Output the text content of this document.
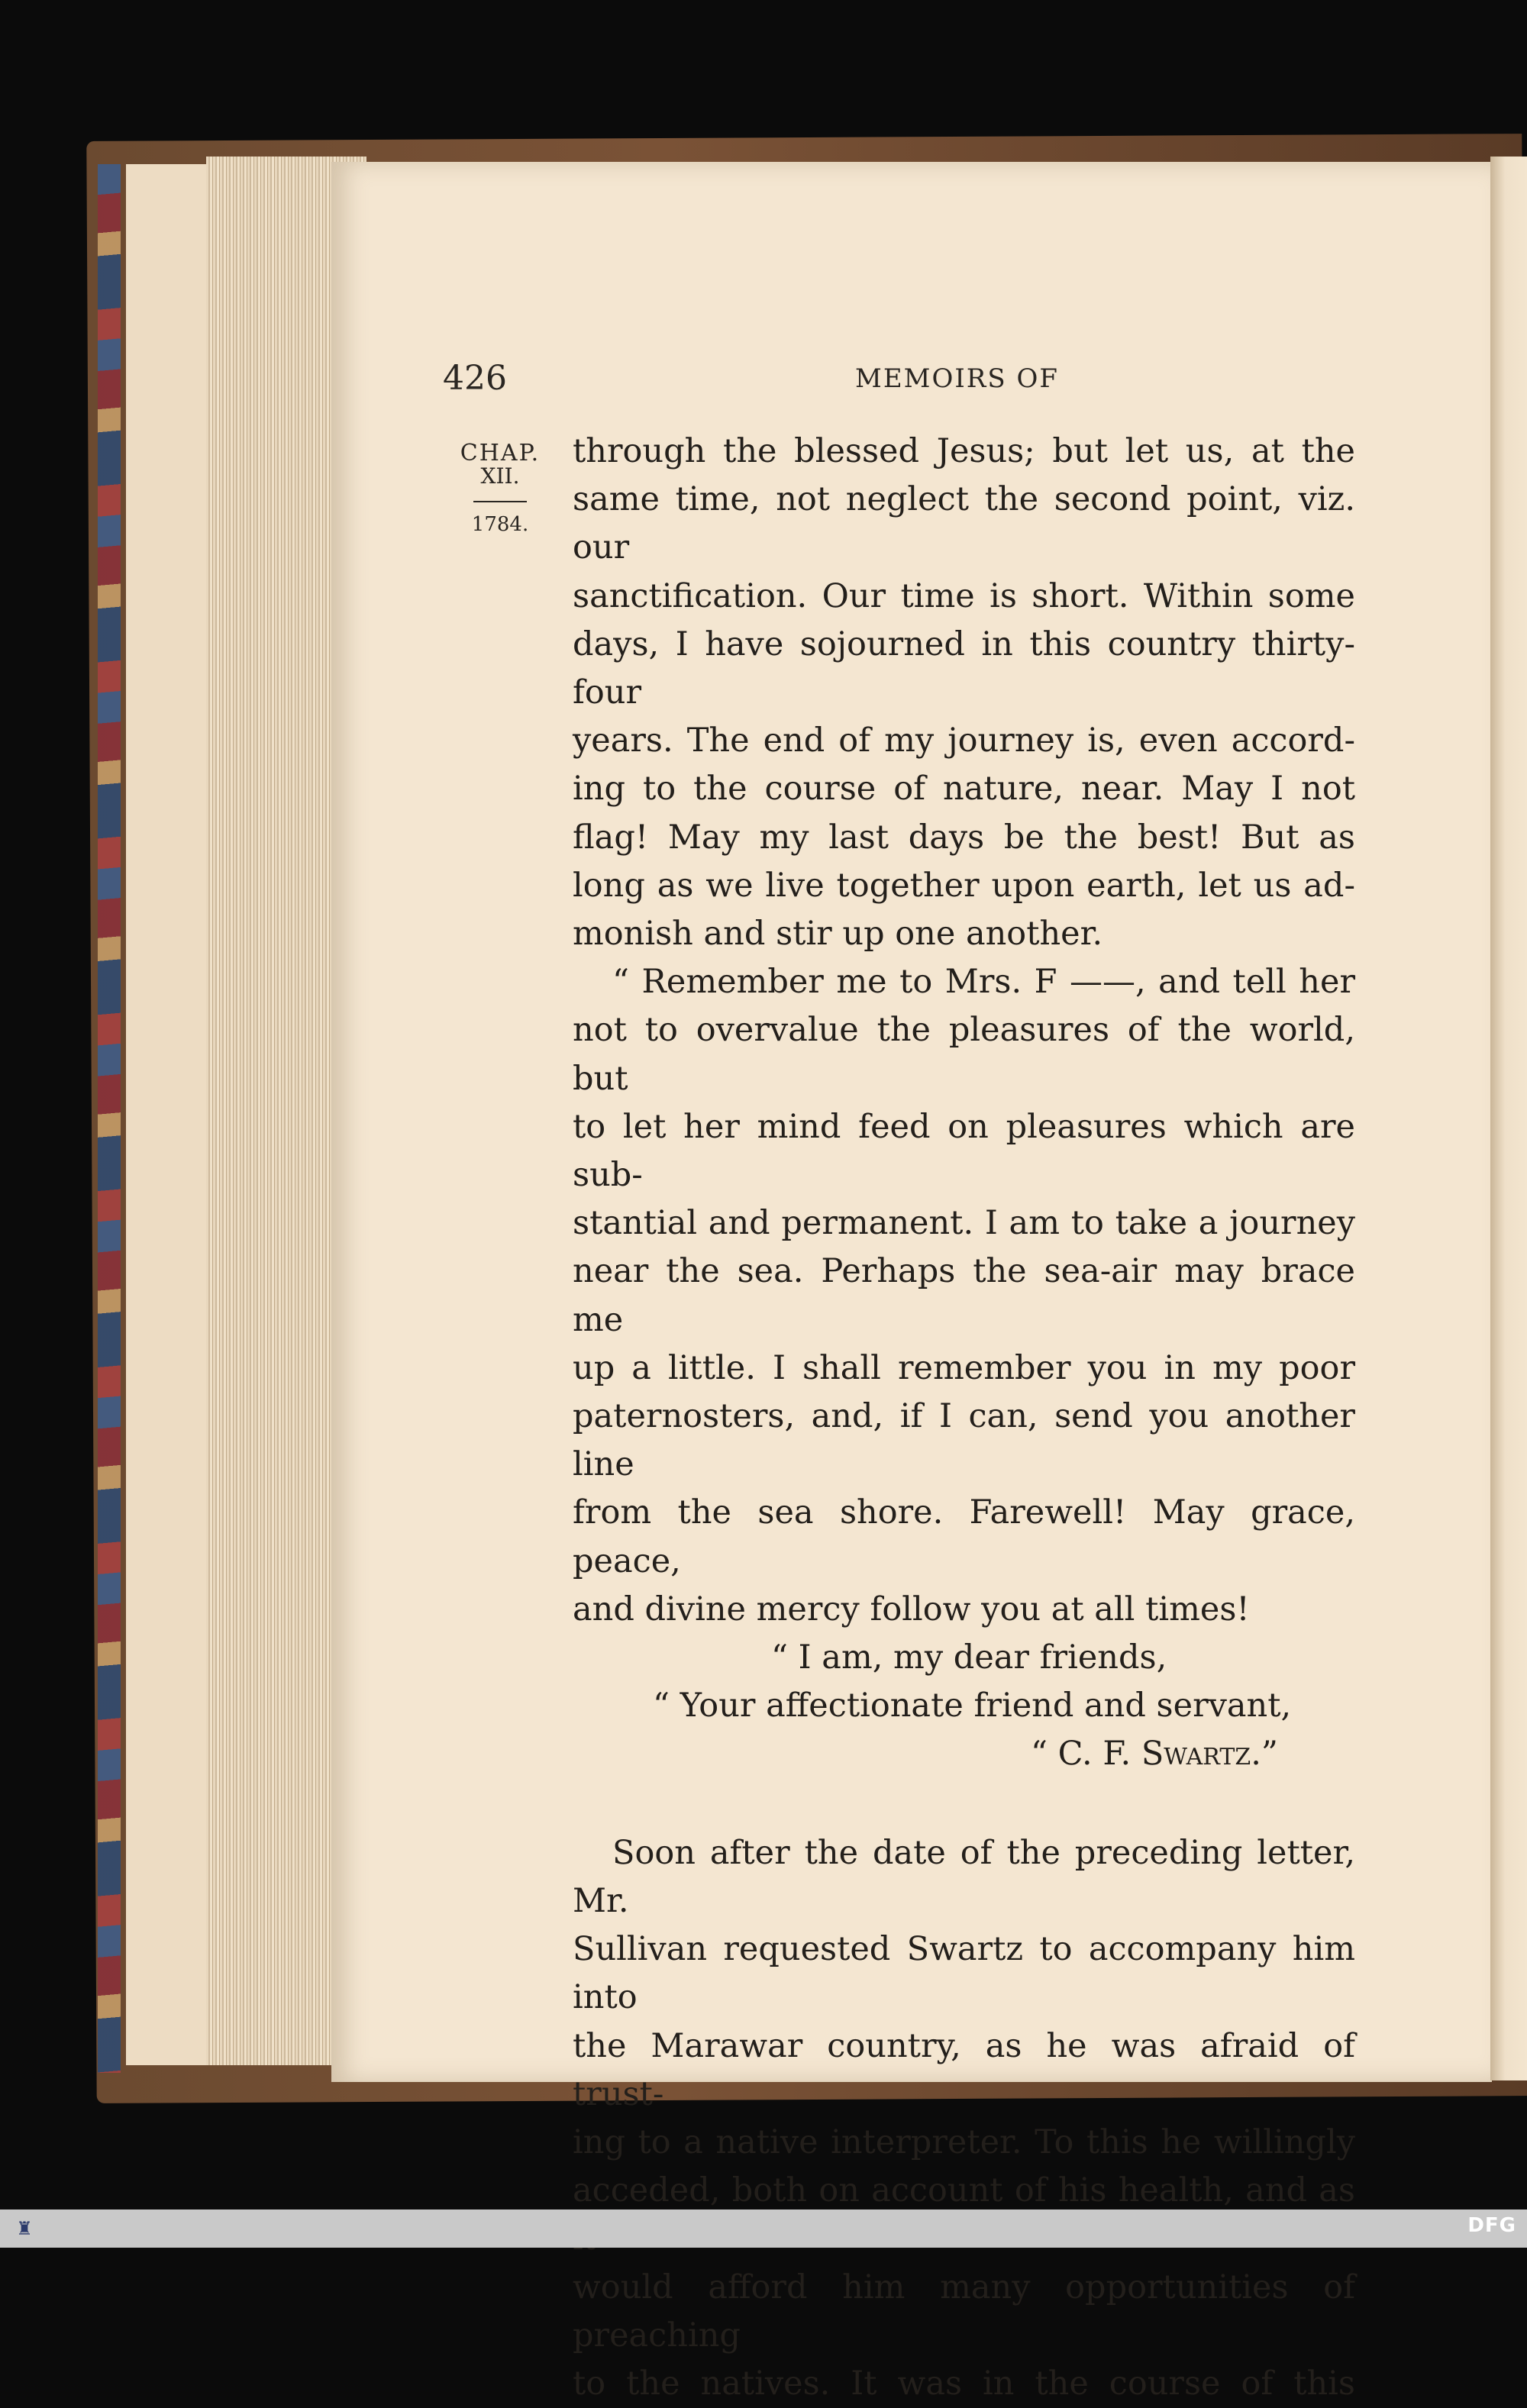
426	MEMOIRS OF
CHAP.
XII.
1784.

through the blessed Jesus; but let us, at the

same time, not neglect the second point, viz. our

sanctification. Our time is short. Within some

days, I have sojourned in this country thirty-four

years. The end of my journey is, even accord-

ing to the course of nature, near. May I not

flag! May my last days be the best! But as

long as we live together upon earth, let us ad-

monish and stir up one another.

“ Remember me to Mrs. F ——, and tell her

not to overvalue the pleasures of the world, but

to let her mind feed on pleasures which are sub-

stantial and permanent. I am to take a journey

near the sea. Perhaps the sea-air may brace me

up a little. I shall remember you in my poor

paternosters, and, if I can, send you another line

from the sea shore. Farewell! May grace, peace,

and divine mercy follow you at all times!

“ I am, my dear friends,

“ Your affectionate friend and servant,

“ C. F. Swartz.”

Soon after the date of the preceding letter, Mr.

Sullivan requested Swartz to accompany him into

the Marawar country, as he was afraid of trust-

ing to a native interpreter. To this he willingly

acceded, both on account of his health, and as

would afford him many opportunities of preaching

to the natives. It was in the course of this

♜	DFG
